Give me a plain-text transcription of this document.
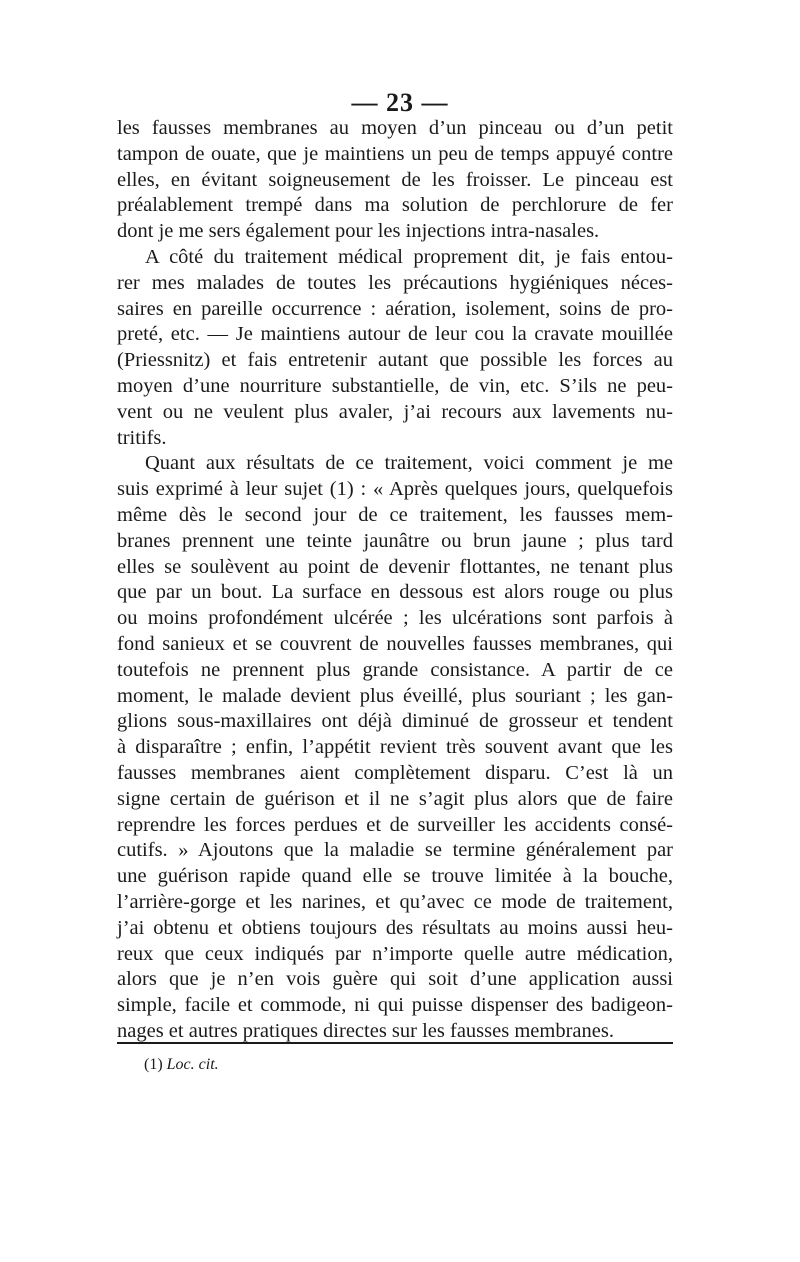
— 23 —
les fausses membranes au moyen d’un pinceau ou d’un petit
tampon de ouate, que je maintiens un peu de temps appuyé contre
elles, en évitant soigneusement de les froisser. Le pinceau est
préalablement trempé dans ma solution de perchlorure de fer
dont je me sers également pour les injections intra-nasales.
A côté du traitement médical proprement dit, je fais entou-
rer mes malades de toutes les précautions hygiéniques néces-
saires en pareille occurrence : aération, isolement, soins de pro-
preté, etc. — Je maintiens autour de leur cou la cravate mouillée
(Priessnitz) et fais entretenir autant que possible les forces au
moyen d’une nourriture substantielle, de vin, etc. S’ils ne peu-
vent ou ne veulent plus avaler, j’ai recours aux lavements nu-
tritifs.
Quant aux résultats de ce traitement, voici comment je me
suis exprimé à leur sujet (1) : « Après quelques jours, quelquefois
même dès le second jour de ce traitement, les fausses mem-
branes prennent une teinte jaunâtre ou brun jaune ; plus tard
elles se soulèvent au point de devenir flottantes, ne tenant plus
que par un bout. La surface en dessous est alors rouge ou plus
ou moins profondément ulcérée ; les ulcérations sont parfois à
fond sanieux et se couvrent de nouvelles fausses membranes, qui
toutefois ne prennent plus grande consistance. A partir de ce
moment, le malade devient plus éveillé, plus souriant ; les gan-
glions sous-maxillaires ont déjà diminué de grosseur et tendent
à disparaître ; enfin, l’appétit revient très souvent avant que les
fausses membranes aient complètement disparu. C’est là un
signe certain de guérison et il ne s’agit plus alors que de faire
reprendre les forces perdues et de surveiller les accidents consé-
cutifs. » Ajoutons que la maladie se termine généralement par
une guérison rapide quand elle se trouve limitée à la bouche,
l’arrière-gorge et les narines, et qu’avec ce mode de traitement,
j’ai obtenu et obtiens toujours des résultats au moins aussi heu-
reux que ceux indiqués par n’importe quelle autre médication,
alors que je n’en vois guère qui soit d’une application aussi
simple, facile et commode, ni qui puisse dispenser des badigeon-
nages et autres pratiques directes sur les fausses membranes.
(1) Loc. cit.
